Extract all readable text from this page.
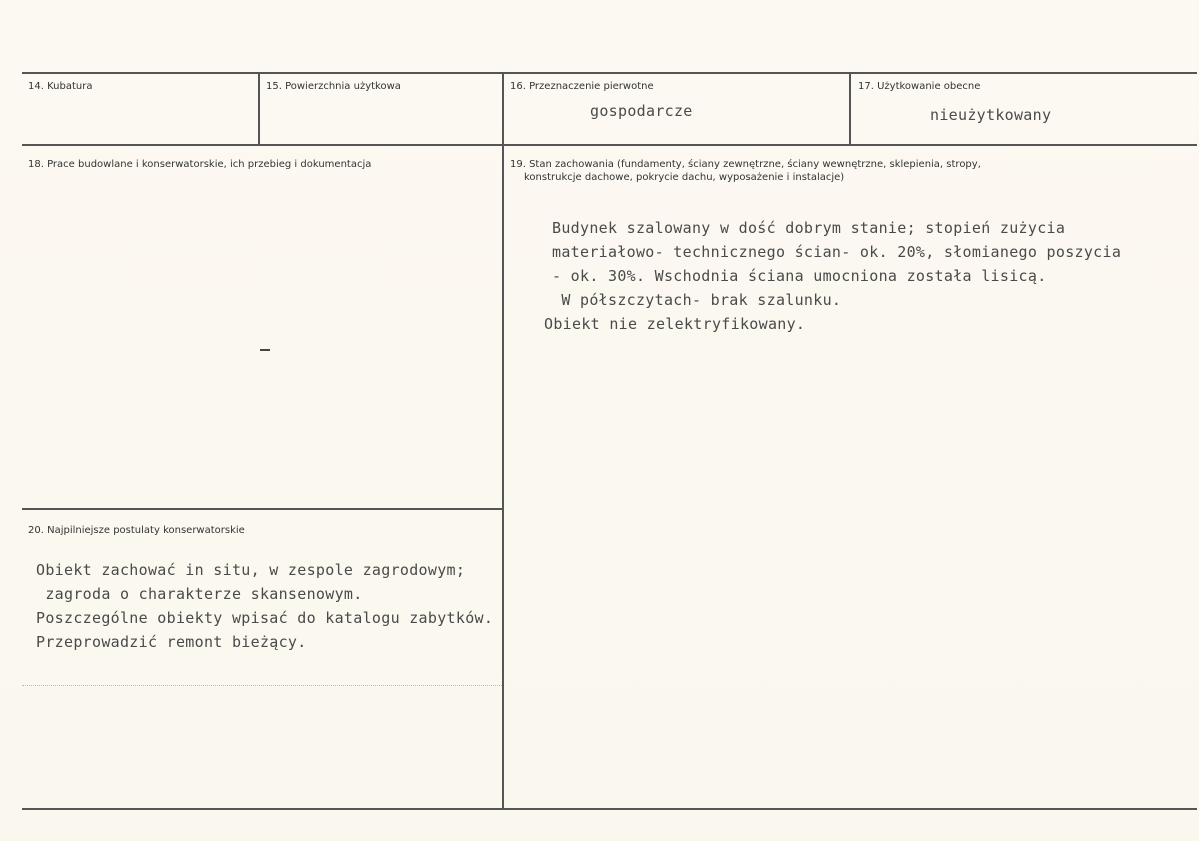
14. Kubatura	15. Powierzchnia użytkowa	16. Przeznaczenie pierwotne
gospodarcze
17. Użytkowanie obecne
nieużytkowany
18. Prace budowlane i konserwatorskie, ich przebieg i dokumentacja	19. Stan zachowania (fundamenty, ściany zewnętrzne, ściany wewnętrzne, sklepienia, stropy,
konstrukcje dachowe, pokrycie dachu, wyposażenie i instalacje)
Budynek szalowany w dość dobrym stanie; stopień zużycia
materiałowo- technicznego ścian- ok. 20%, słomianego poszycia
- ok. 30%. Wschodnia ściana umocniona została lisicą.
W półszczytach- brak szalunku.
Obiekt nie zelektryfikowany.
20. Najpilniejsze postulaty konserwatorskie
Obiekt zachować in situ, w zespole zagrodowym;
zagroda o charakterze skansenowym.
Poszczególne obiekty wpisać do katalogu zabytków.
Przeprowadzić remont bieżący.
